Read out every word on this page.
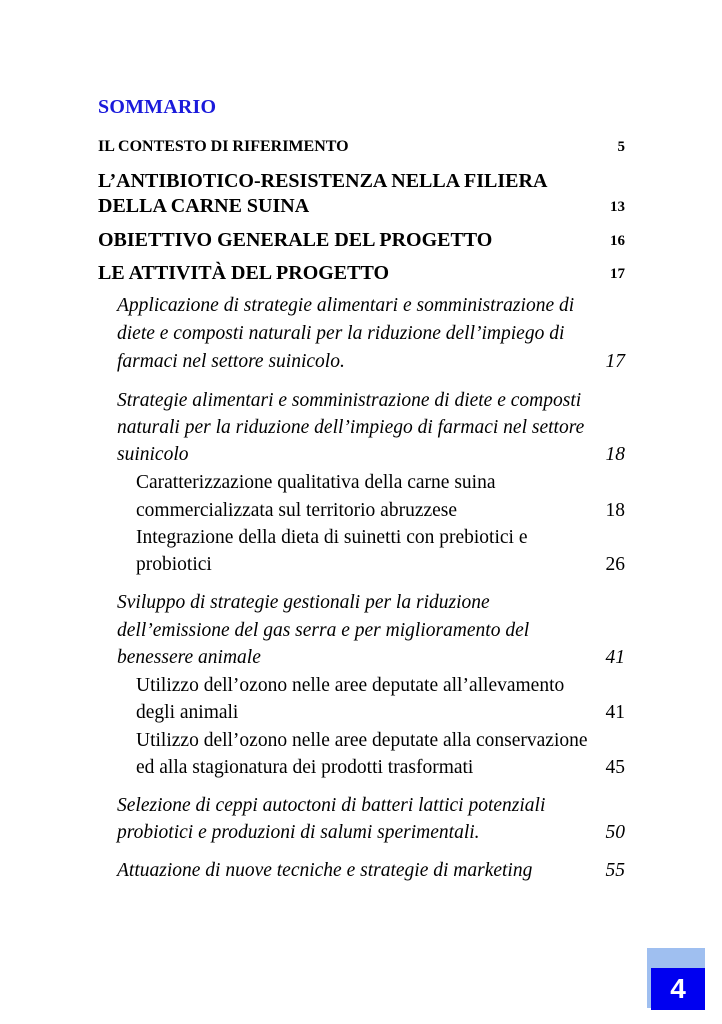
SOMMARIO
IL CONTESTO DI RIFERIMENTO	5
L’ANTIBIOTICO-RESISTENZA NELLA FILIERA
DELLA CARNE SUINA	13
OBIETTIVO GENERALE DEL PROGETTO	16
LE ATTIVITÀ DEL PROGETTO	17
Applicazione di strategie alimentari e somministrazione di
diete e composti naturali per la riduzione dell’impiego di
farmaci nel settore suinicolo.	17
Strategie alimentari e somministrazione di diete e composti
naturali per la riduzione dell’impiego di farmaci nel settore
suinicolo	18
Caratterizzazione qualitativa della carne suina
commercializzata sul territorio abruzzese	18
Integrazione della dieta di suinetti con prebiotici e
probiotici	26
Sviluppo di strategie gestionali per la riduzione
dell’emissione del gas serra e per miglioramento del
benessere animale	41
Utilizzo dell’ozono nelle aree deputate all’allevamento
degli animali	41
Utilizzo dell’ozono nelle aree deputate alla conservazione
ed alla stagionatura dei prodotti trasformati	45
Selezione di ceppi autoctoni di batteri lattici potenziali
probiotici e produzioni di salumi sperimentali.	50
Attuazione di nuove tecniche e strategie di marketing	55
4
